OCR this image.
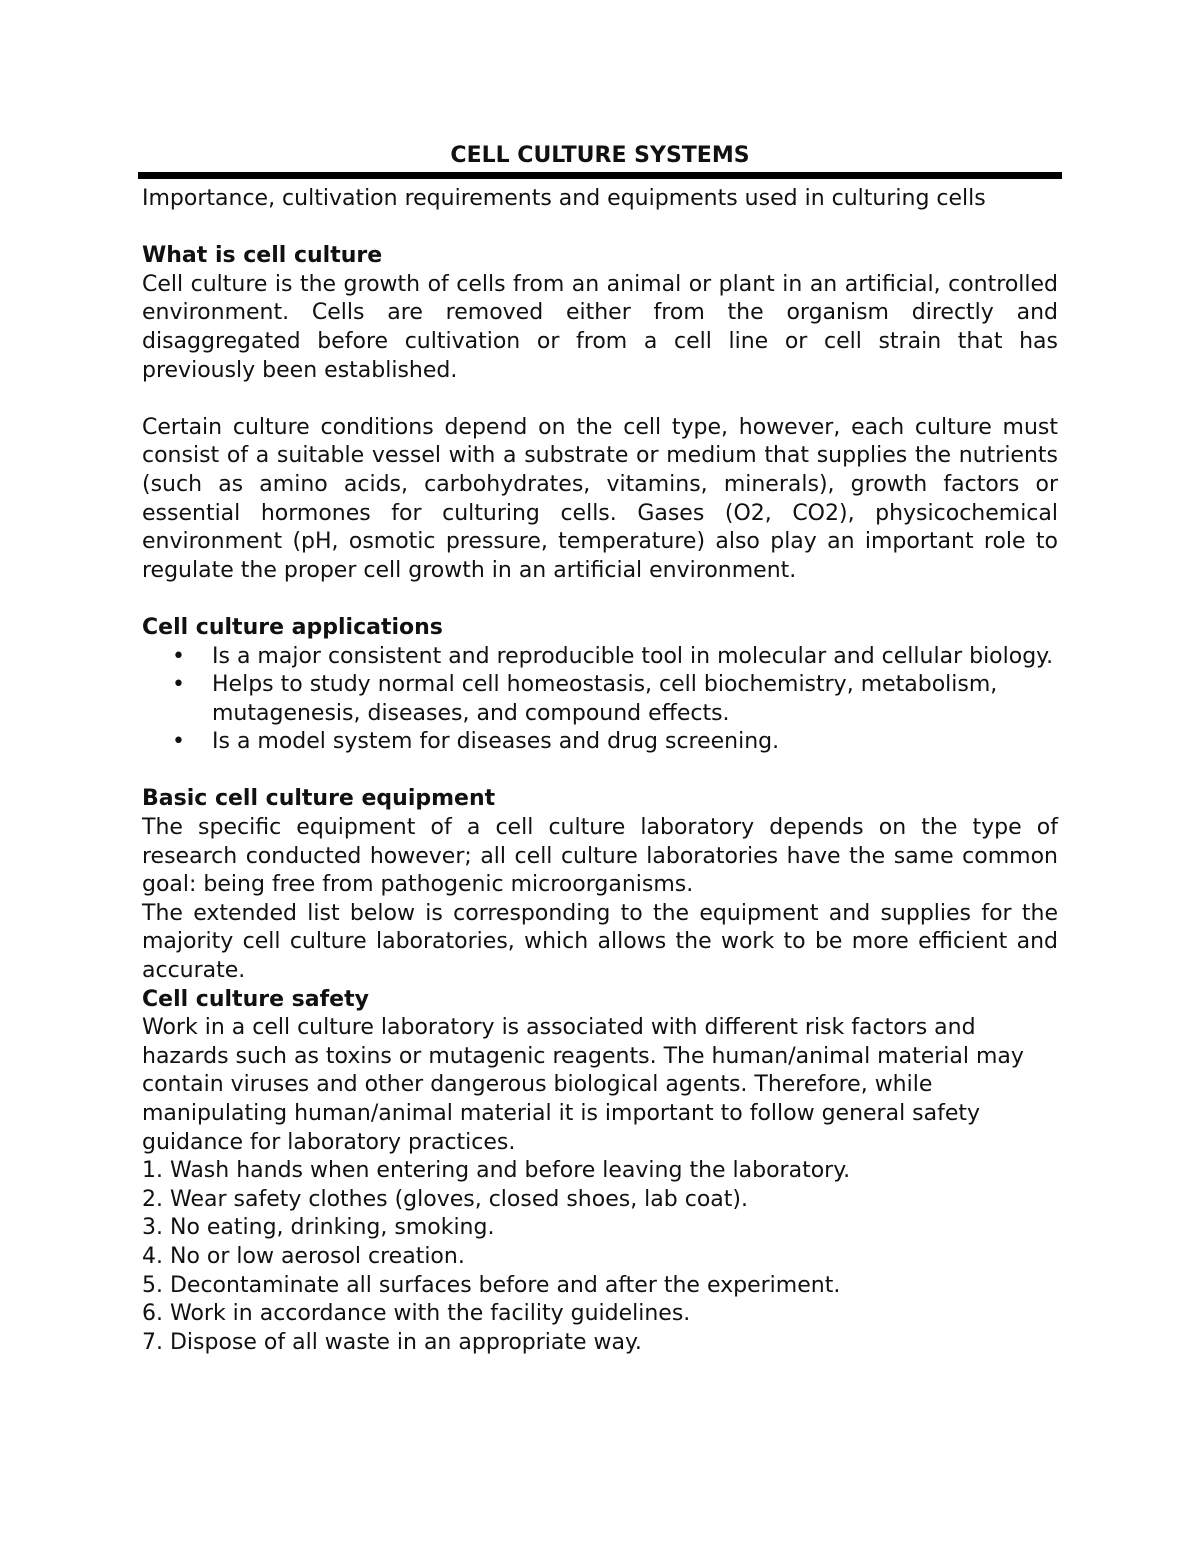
CELL CULTURE SYSTEMS

Importance, cultivation requirements and equipments used in culturing cells

What is cell culture

Cell culture is the growth of cells from an animal or plant in an artificial, controlled environment. Cells are removed either from the organism directly and disaggregated before cultivation or from a cell line or cell strain that has previously been established.

Certain culture conditions depend on the cell type, however, each culture must consist of a suitable vessel with a substrate or medium that supplies the nutrients (such as amino acids, carbohydrates, vitamins, minerals), growth factors or essential hormones for culturing cells. Gases (O2, CO2), physicochemical environment (pH, osmotic pressure, temperature) also play an important role to regulate the proper cell growth in an artificial environment.

Cell culture applications

• Is a major consistent and reproducible tool in molecular and cellular biology.
• Helps to study normal cell homeostasis, cell biochemistry, metabolism, mutagenesis, diseases, and compound effects.
• Is a model system for diseases and drug screening.

Basic cell culture equipment

The specific equipment of a cell culture laboratory depends on the type of research conducted however; all cell culture laboratories have the same common goal: being free from pathogenic microorganisms.

The extended list below is corresponding to the equipment and supplies for the majority cell culture laboratories, which allows the work to be more efficient and accurate.

Cell culture safety

Work in a cell culture laboratory is associated with different risk factors and hazards such as toxins or mutagenic reagents. The human/animal material may contain viruses and other dangerous biological agents. Therefore, while manipulating human/animal material it is important to follow general safety guidance for laboratory practices.

1. Wash hands when entering and before leaving the laboratory.
2. Wear safety clothes (gloves, closed shoes, lab coat).
3. No eating, drinking, smoking.
4. No or low aerosol creation.
5. Decontaminate all surfaces before and after the experiment.
6. Work in accordance with the facility guidelines.
7. Dispose of all waste in an appropriate way.
